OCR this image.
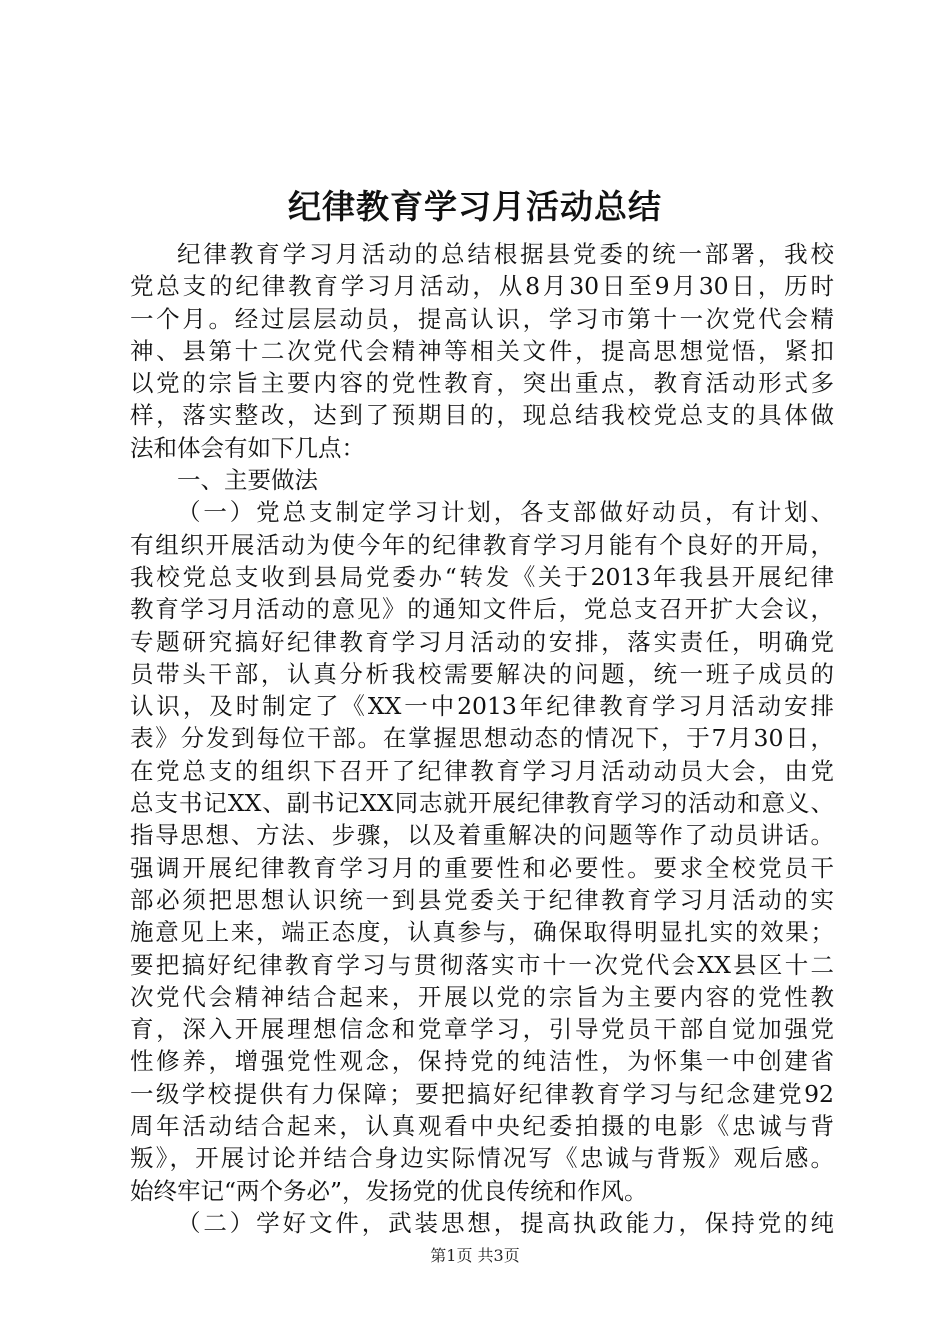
纪律教育学习月活动总结
纪律教育学习月活动的总结根据县党委的统一部署，我校
党总支的纪律教育学习月活动，从8月30日至9月30日，历时
一个月。经过层层动员，提高认识，学习市第十一次党代会精
神、县第十二次党代会精神等相关文件，提高思想觉悟，紧扣
以党的宗旨主要内容的党性教育，突出重点，教育活动形式多
样，落实整改，达到了预期目的，现总结我校党总支的具体做
法和体会有如下几点：
一、主要做法
（一）党总支制定学习计划，各支部做好动员，有计划、
有组织开展活动为使今年的纪律教育学习月能有个良好的开局，
我校党总支收到县局党委办“转发《关于2013年我县开展纪律
教育学习月活动的意见》的通知文件后，党总支召开扩大会议，
专题研究搞好纪律教育学习月活动的安排，落实责任，明确党
员带头干部，认真分析我校需要解决的问题，统一班子成员的
认识，及时制定了《XX一中2013年纪律教育学习月活动安排
表》分发到每位干部。在掌握思想动态的情况下，于7月30日，
在党总支的组织下召开了纪律教育学习月活动动员大会，由党
总支书记XX、副书记XX同志就开展纪律教育学习的活动和意义、
指导思想、方法、步骤，以及着重解决的问题等作了动员讲话。
强调开展纪律教育学习月的重要性和必要性。要求全校党员干
部必须把思想认识统一到县党委关于纪律教育学习月活动的实
施意见上来，端正态度，认真参与，确保取得明显扎实的效果；
要把搞好纪律教育学习与贯彻落实市十一次党代会XX县区十二
次党代会精神结合起来，开展以党的宗旨为主要内容的党性教
育，深入开展理想信念和党章学习，引导党员干部自觉加强党
性修养，增强党性观念，保持党的纯洁性，为怀集一中创建省
一级学校提供有力保障；要把搞好纪律教育学习与纪念建党92
周年活动结合起来，认真观看中央纪委拍摄的电影《忠诚与背
叛》，开展讨论并结合身边实际情况写《忠诚与背叛》观后感。
始终牢记“两个务必”，发扬党的优良传统和作风。
（二）学好文件，武装思想，提高执政能力，保持党的纯
第1页 共3页
